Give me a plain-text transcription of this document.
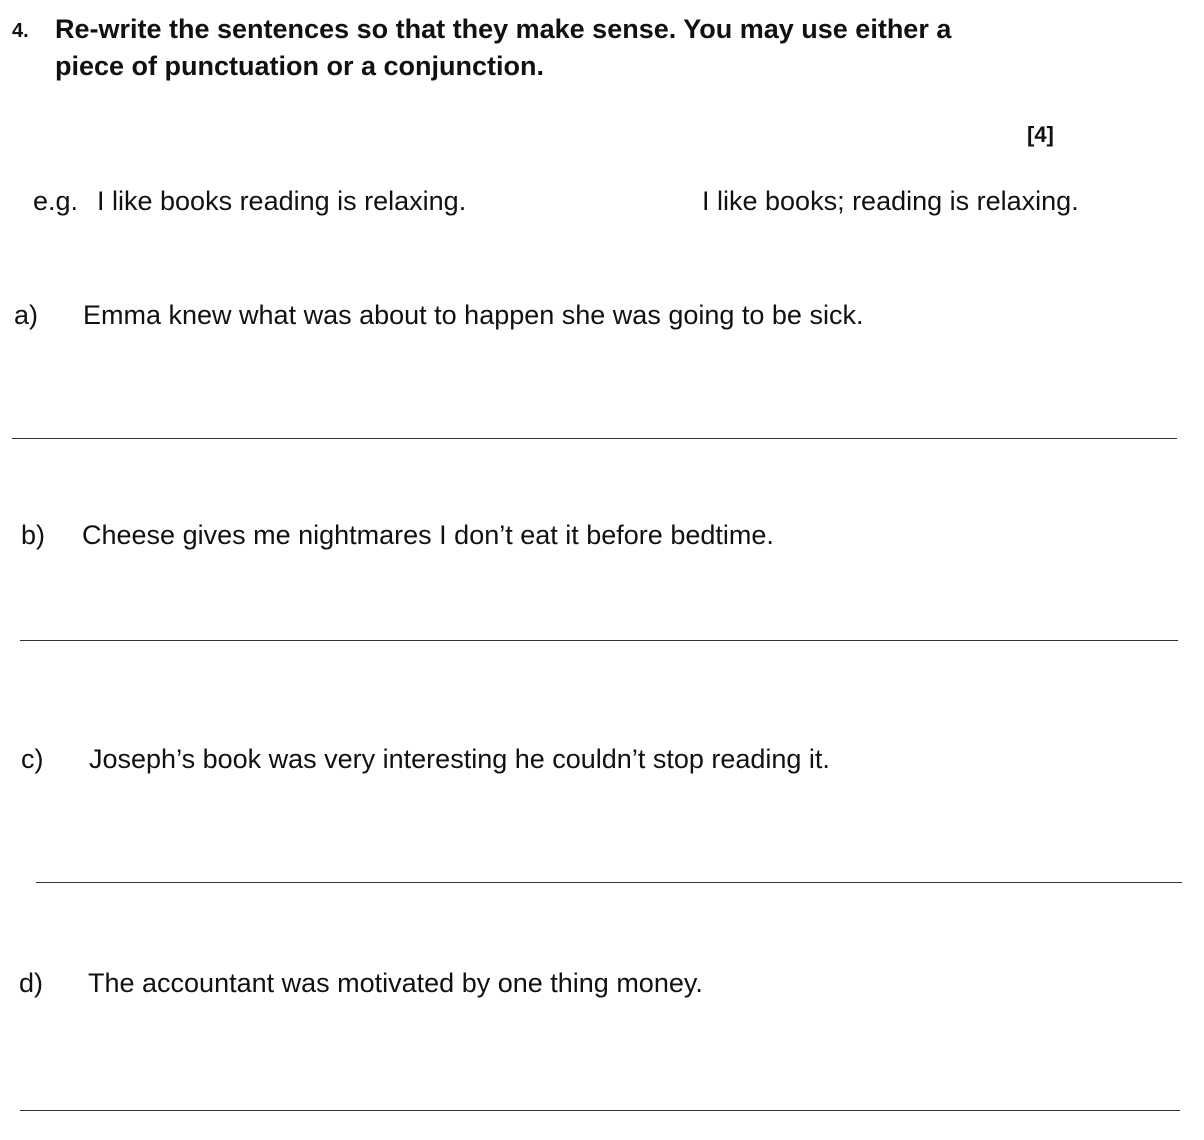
4. Re-write the sentences so that they make sense. You may use either a
piece of punctuation or a conjunction.
[4]
e.g. I like books reading is relaxing.	I like books; reading is relaxing.
a) Emma knew what was about to happen she was going to be sick.
b) Cheese gives me nightmares I don’t eat it before bedtime.
c) Joseph’s book was very interesting he couldn’t stop reading it.
d) The accountant was motivated by one thing money.
